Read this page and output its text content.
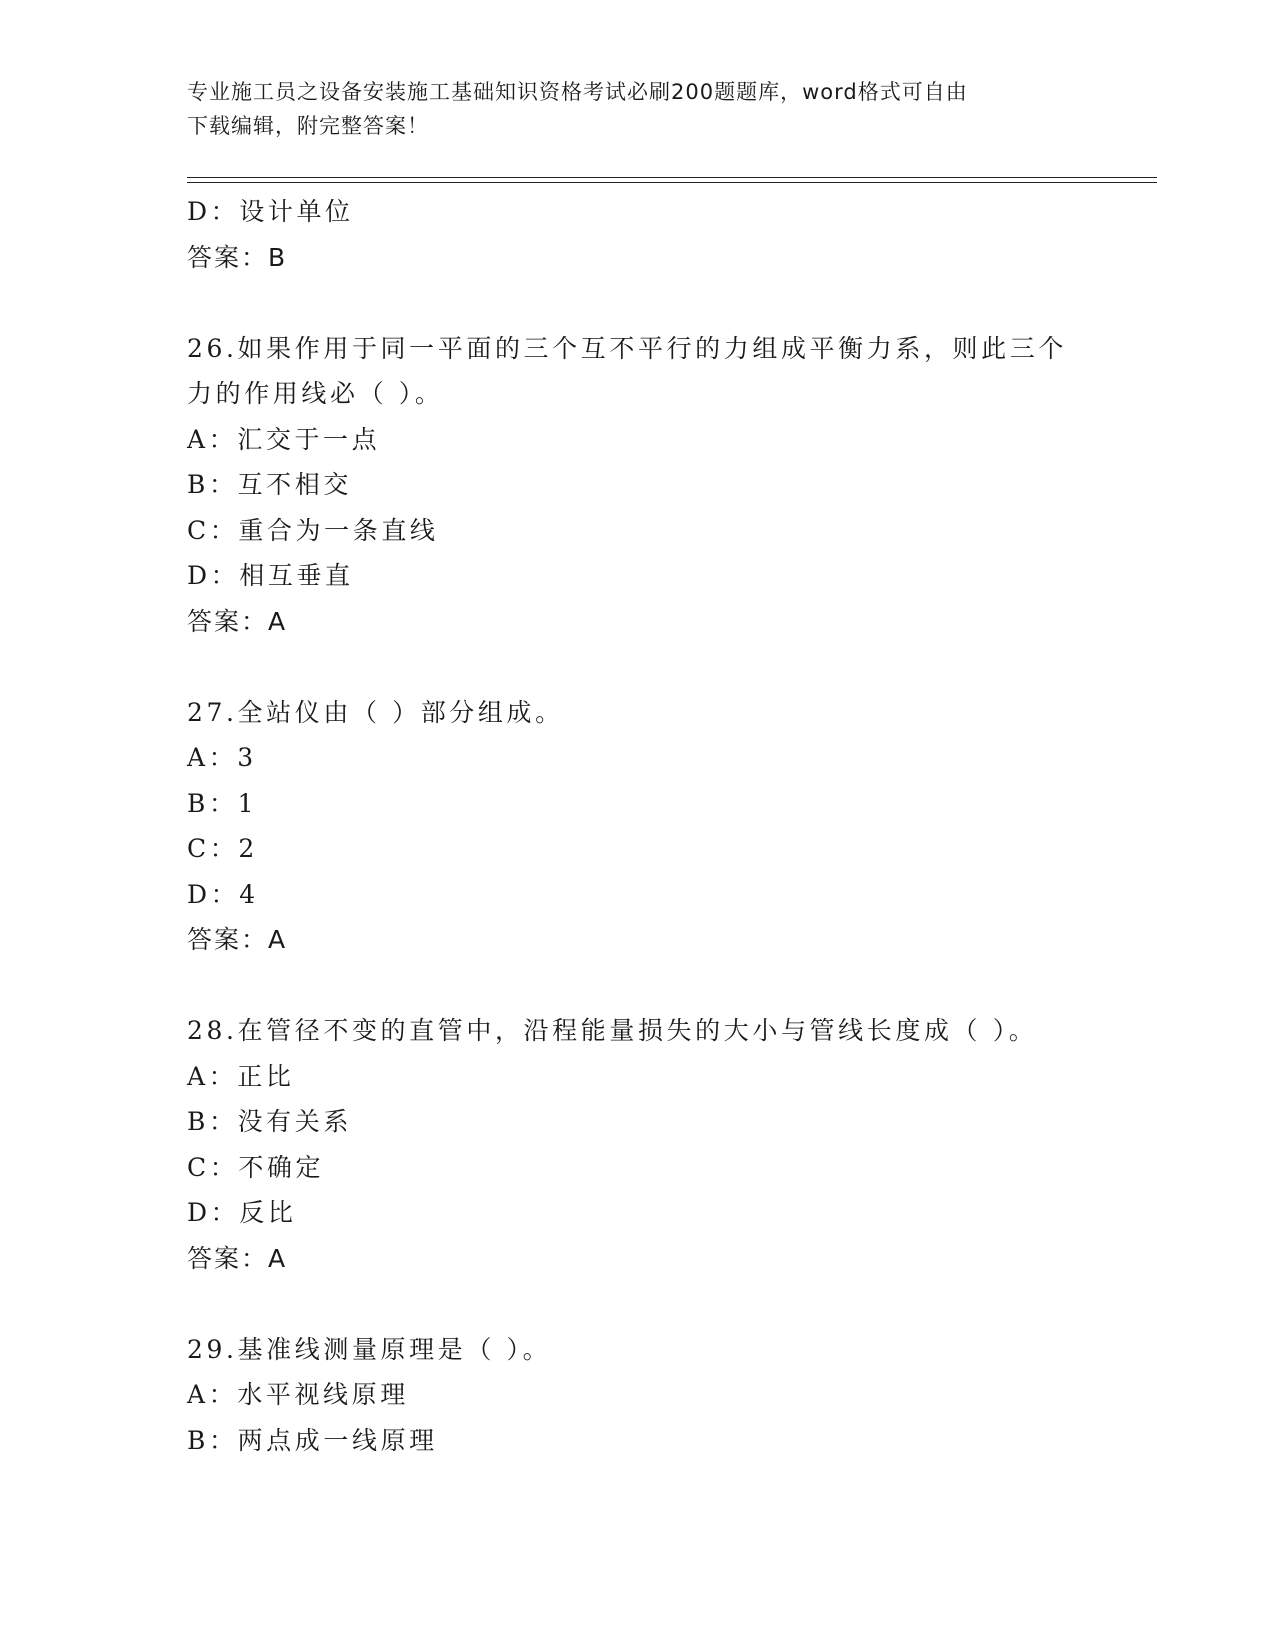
专业施工员之设备安装施工基础知识资格考试必刷200题题库，word格式可自由
下载编辑，附完整答案！
D：设计单位
答案：B
26.如果作用于同一平面的三个互不平行的力组成平衡力系，则此三个
力的作用线必（ ）。
A：汇交于一点
B：互不相交
C：重合为一条直线
D：相互垂直
答案：A
27.全站仪由（ ）部分组成。
A：3
B：1
C：2
D：4
答案：A
28.在管径不变的直管中，沿程能量损失的大小与管线长度成（ ）。
A：正比
B：没有关系
C：不确定
D：反比
答案：A
29.基准线测量原理是（ ）。
A：水平视线原理
B：两点成一线原理
